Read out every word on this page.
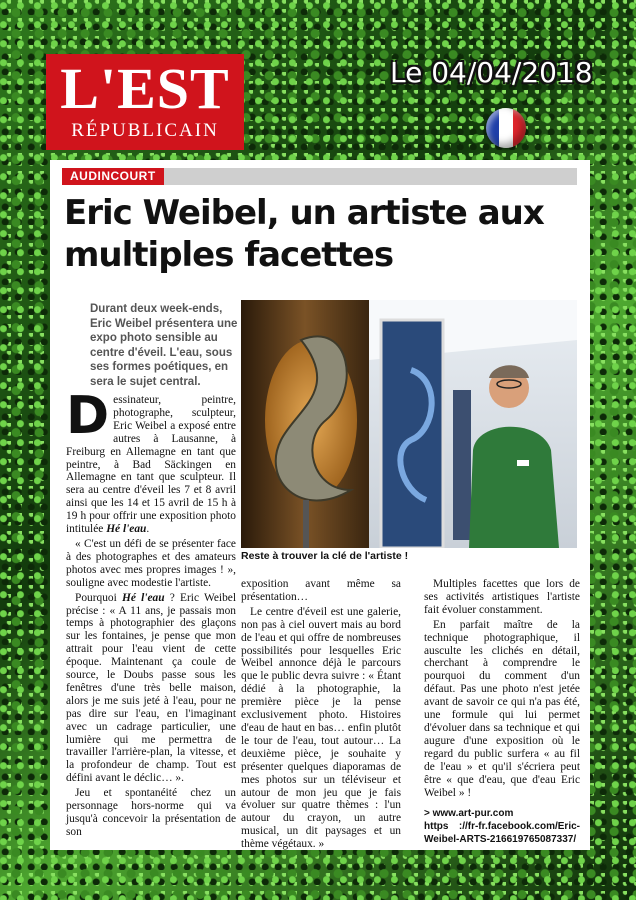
L'EST
RÉPUBLICAIN
Le 04/04/2018
AUDINCOURT
Eric Weibel, un artiste aux multiples facettes

Durant deux week-ends, Eric Weibel présentera une expo photo sensible au centre d'éveil. L'eau, sous ses formes poétiques, en sera le sujet central.

Dessinateur, peintre, photographe, sculpteur, Eric Weibel a exposé entre autres à Lausanne, à Freiburg en Allemagne en tant que peintre, à Bad Säckingen en Allemagne en tant que sculpteur. Il sera au centre d'éveil les 7 et 8 avril ainsi que les 14 et 15 avril de 15 h à 19 h pour offrir une exposition photo intitulée Hé l'eau.

« C'est un défi de se présenter face à des photographes et des amateurs photos avec mes propres images ! », souligne avec modestie l'artiste.

Pourquoi Hé l'eau ? Eric Weibel précise : « A 11 ans, je passais mon temps à photographier des glaçons sur les fontaines, je pense que mon attrait pour l'eau vient de cette époque. Maintenant ça coule de source, le Doubs passe sous les fenêtres d'une très belle maison, alors je me suis jeté à l'eau, pour ne pas dire sur l'eau, en l'imaginant avec un cadrage particulier, une lumière qui me permettra de travailler l'arrière-plan, la vitesse, et la profondeur de champ. Tout est défini avant le déclic… ».

Jeu et spontanéité chez un personnage hors-norme qui va jusqu'à concevoir la présentation de son

Reste à trouver la clé de l'artiste !

exposition avant même sa présentation…

Le centre d'éveil est une galerie, non pas à ciel ouvert mais au bord de l'eau et qui offre de nombreuses possibilités pour lesquelles Eric Weibel annonce déjà le parcours que le public devra suivre : « Étant dédié à la photographie, la première pièce je la pense exclusivement photo. Histoires d'eau de haut en bas… enfin plutôt le tour de l'eau, tout autour… La deuxième pièce, je souhaite y présenter quelques diaporamas de mes photos sur un téléviseur et autour de mon jeu que je fais évoluer sur quatre thèmes : l'un autour du crayon, un autre musical, un dit paysages et un thème végétaux. »

Multiples facettes que lors de ses activités artistiques l'artiste fait évoluer constamment.

En parfait maître de la technique photographique, il ausculte les clichés en détail, cherchant à comprendre le pourquoi du comment d'un défaut. Pas une photo n'est jetée avant de savoir ce qui n'a pas été, une formule qui lui permet d'évoluer dans sa technique et qui augure d'une exposition où le regard du public surfera « au fil de l'eau » et qu'il s'écriera peut être « que d'eau, que d'eau Eric Weibel » !

> www.art-pur.com
https ://fr-fr.facebook.com/Eric-Weibel-ARTS-216619765087337/
